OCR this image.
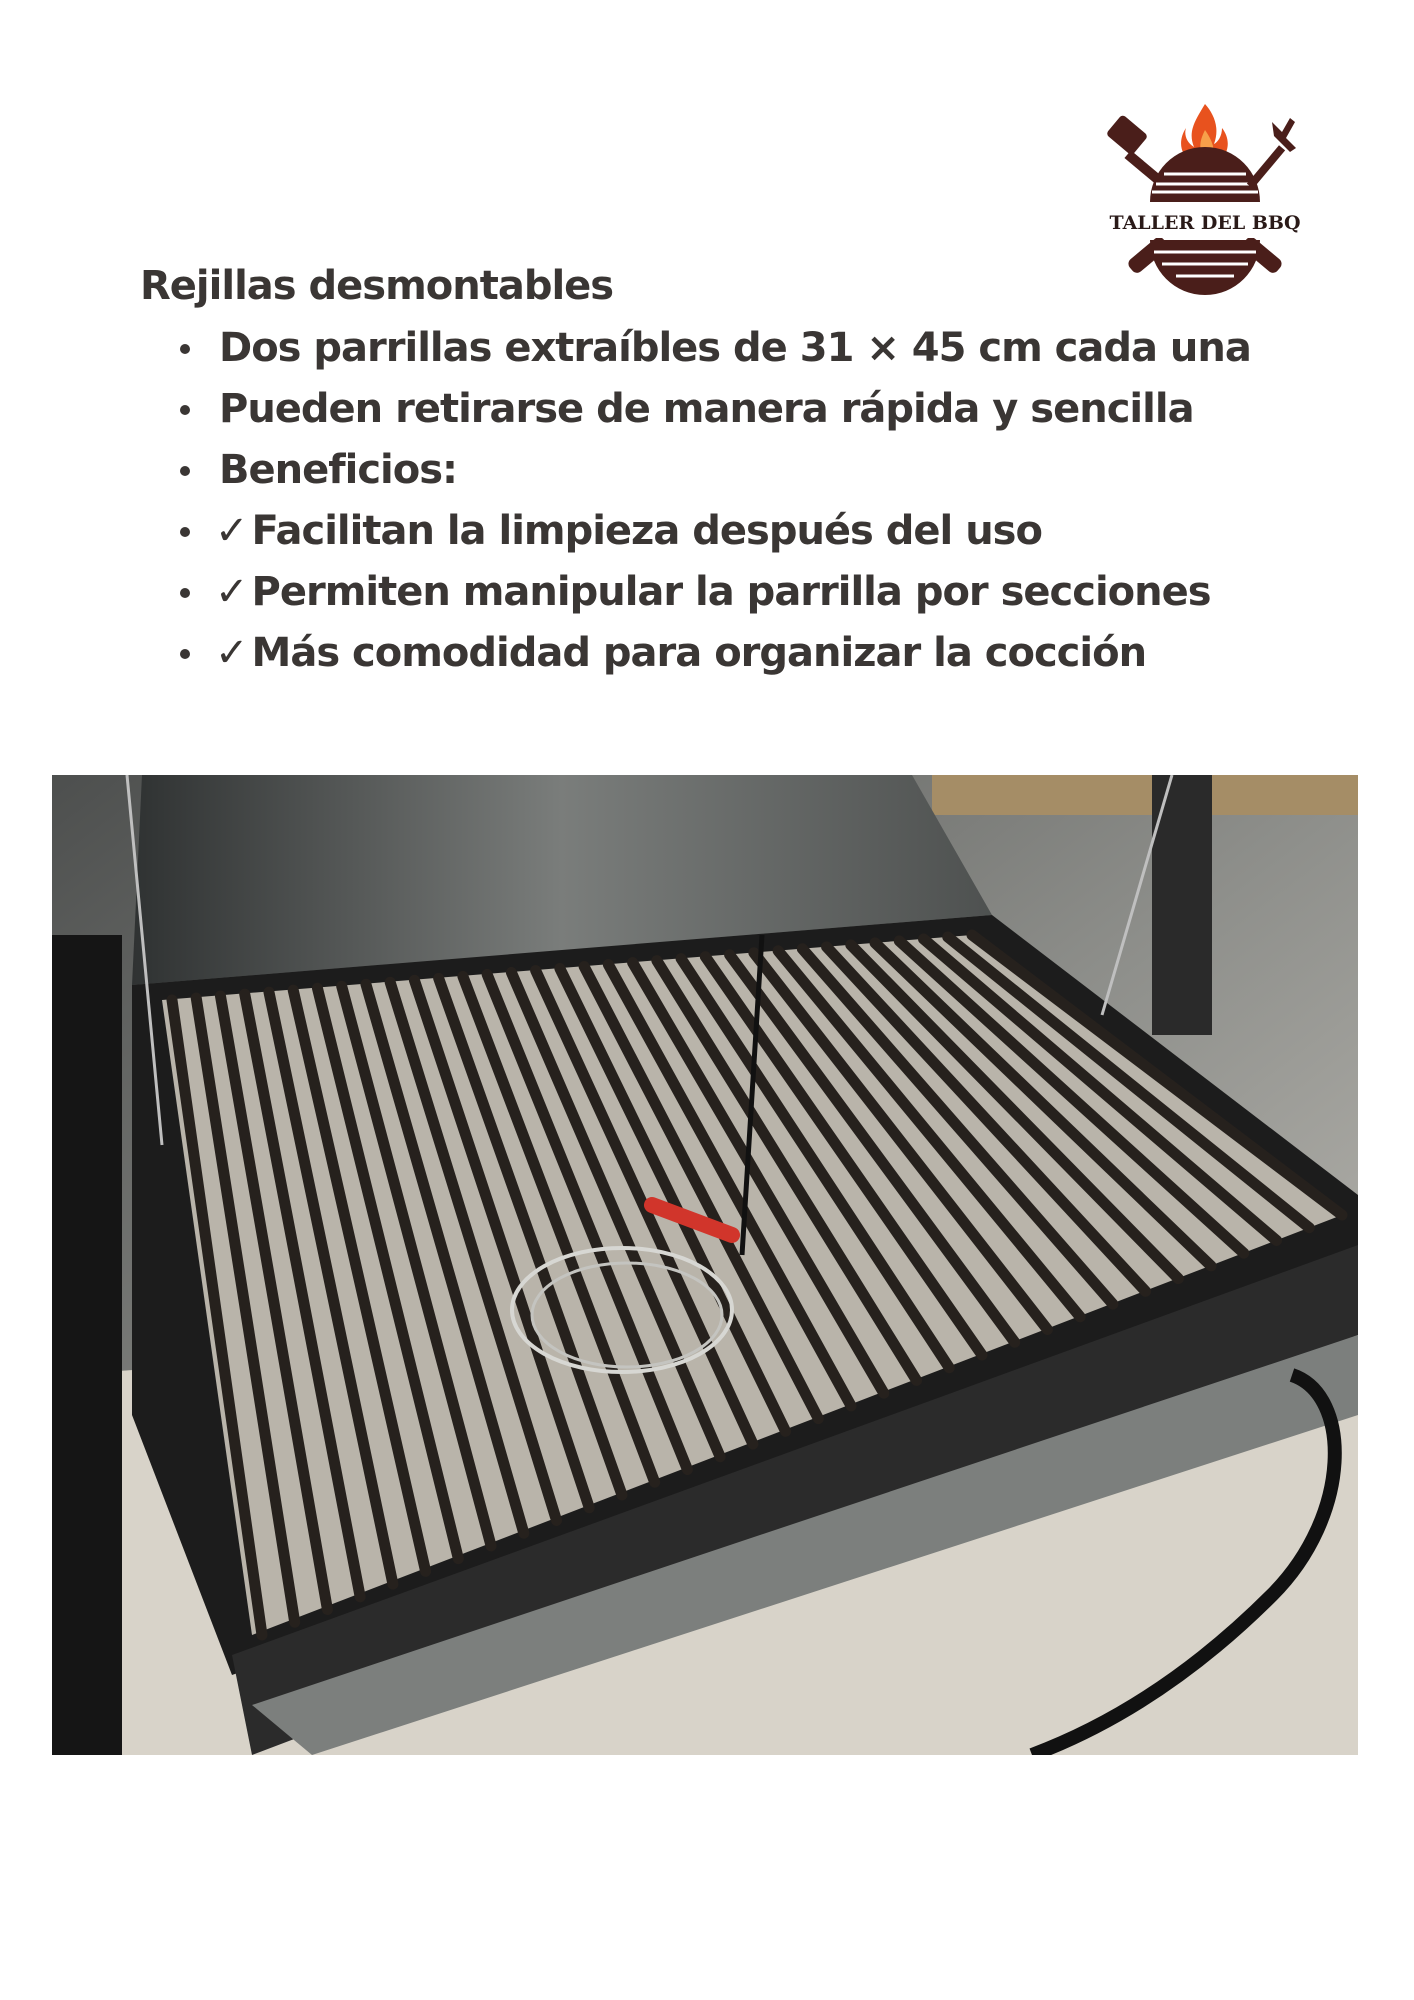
TALLER DEL BBQ
Rejillas desmontables
Dos parrillas extraíbles de 31 × 45 cm cada una
Pueden retirarse de manera rápida y sencilla
Beneficios:
✓ Facilitan la limpieza después del uso
✓ Permiten manipular la parrilla por secciones
✓ Más comodidad para organizar la cocción
